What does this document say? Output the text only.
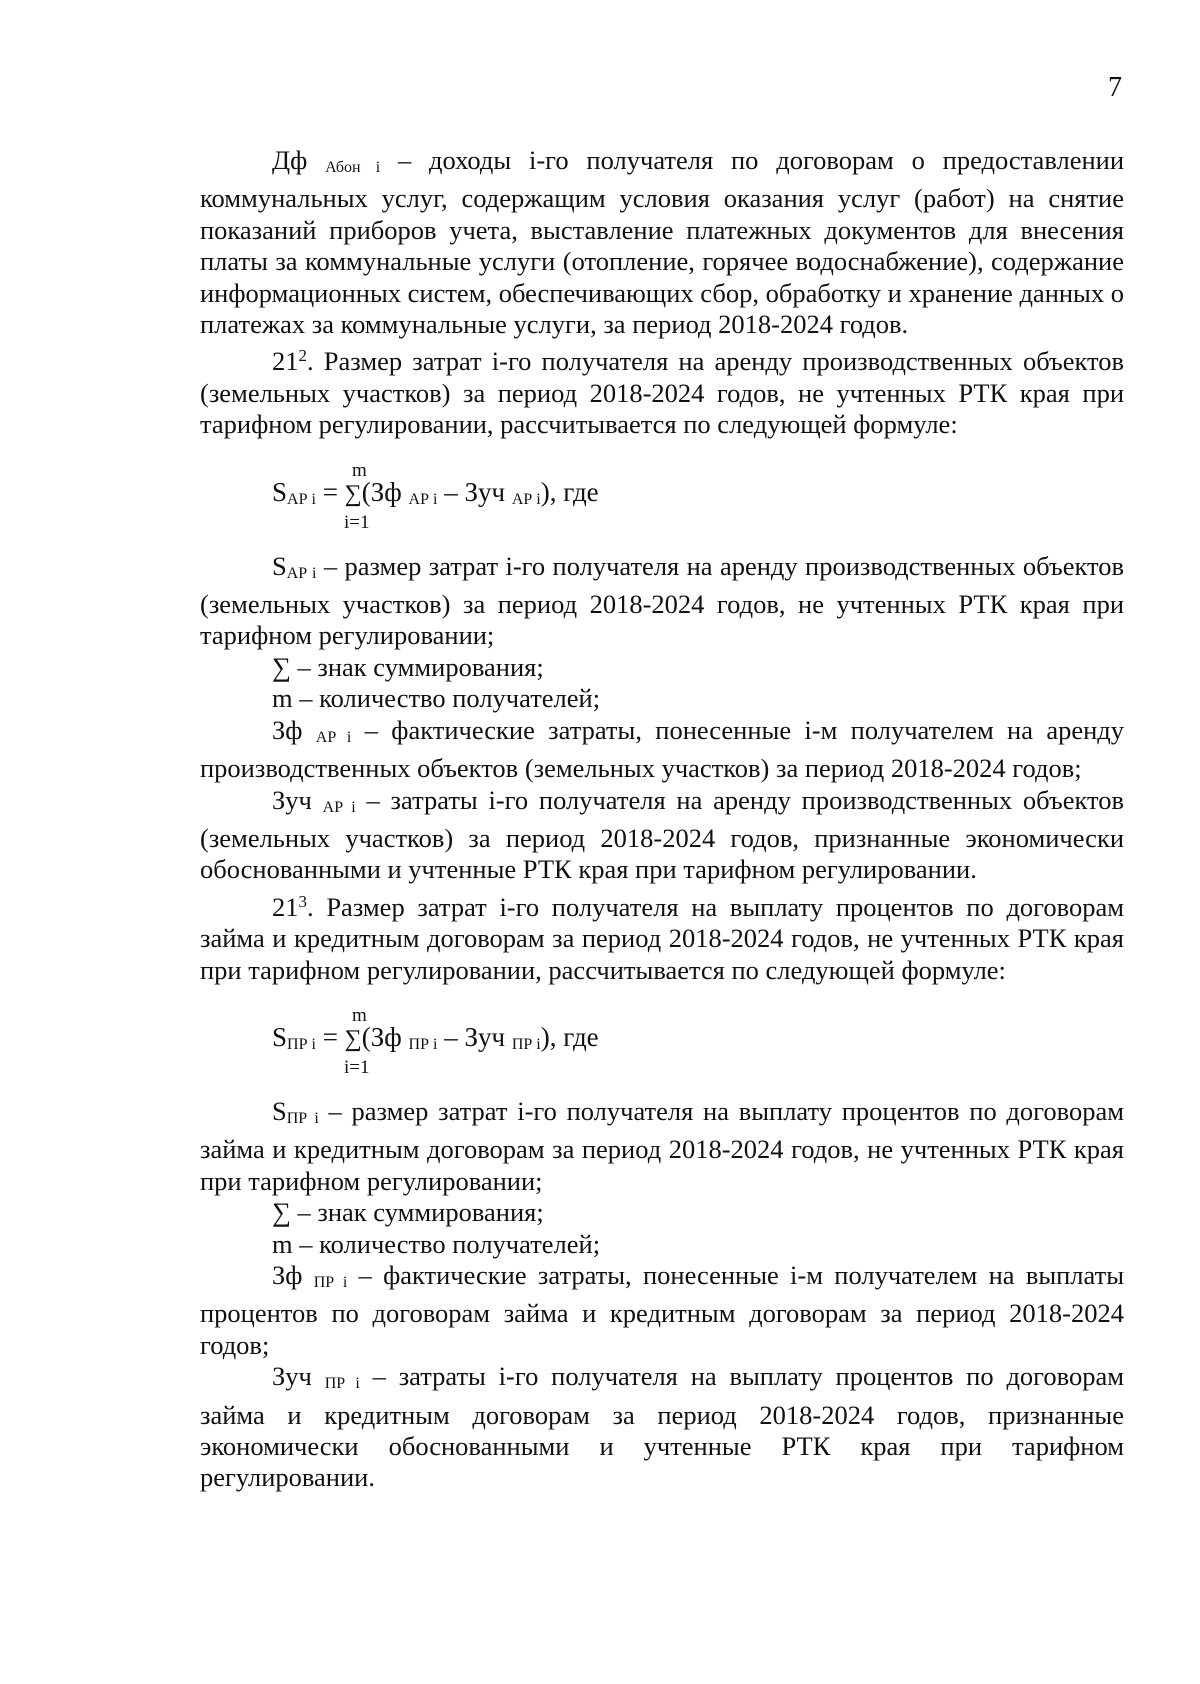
7

Дф Абон i – доходы i-го получателя по договорам о предоставлении коммунальных услуг, содержащим условия оказания услуг (работ) на снятие показаний приборов учета, выставление платежных документов для внесения платы за коммунальные услуги (отопление, горячее водоснабжение), содержание информационных систем, обеспечивающих сбор, обработку и хранение данных о платежах за коммунальные услуги, за период 2018-2024 годов.

$21^2$. Размер затрат i-го получателя на аренду производственных объектов (земельных участков) за период 2018-2024 годов, не учтенных РТК края при тарифном регулировании, рассчитывается по следующей формуле:

m
SАР i = ∑(Зф АР i – Зуч АР i), где
i=1

SАР i – размер затрат i-го получателя на аренду производственных объектов (земельных участков) за период 2018-2024 годов, не учтенных РТК края при тарифном регулировании;

∑ – знак суммирования;

m – количество получателей;

Зф АР i – фактические затраты, понесенные i-м получателем на аренду производственных объектов (земельных участков) за период 2018-2024 годов;

Зуч АР i – затраты i-го получателя на аренду производственных объектов (земельных участков) за период 2018-2024 годов, признанные экономически обоснованными и учтенные РТК края при тарифном регулировании.

$21^3$. Размер затрат i-го получателя на выплату процентов по договорам займа и кредитным договорам за период 2018-2024 годов, не учтенных РТК края при тарифном регулировании, рассчитывается по следующей формуле:

m
SПР i = ∑(Зф ПР i – Зуч ПР i), где
i=1

SПР i – размер затрат i-го получателя на выплату процентов по договорам займа и кредитным договорам за период 2018-2024 годов, не учтенных РТК края при тарифном регулировании;

∑ – знак суммирования;

m – количество получателей;

Зф ПР i – фактические затраты, понесенные i-м получателем на выплаты процентов по договорам займа и кредитным договорам за период 2018-2024 годов;

Зуч ПР i – затраты i-го получателя на выплату процентов по договорам займа и кредитным договорам за период 2018-2024 годов, признанные экономически обоснованными и учтенные РТК края при тарифном регулировании.
